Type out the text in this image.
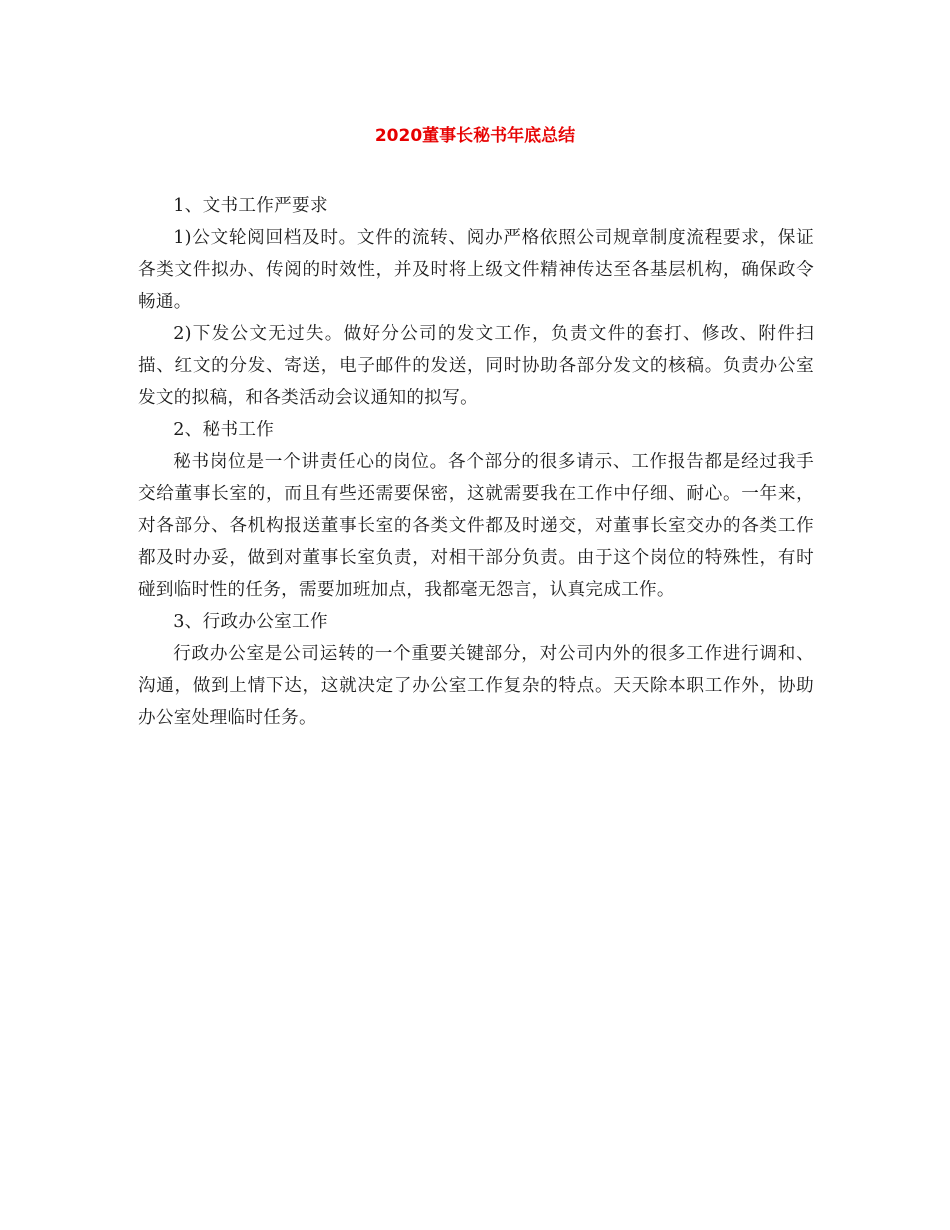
2020董事长秘书年底总结

1、文书工作严要求

1)公文轮阅回档及时。文件的流转、阅办严格依照公司规章制度流程要求，保证各类文件拟办、传阅的时效性，并及时将上级文件精神传达至各基层机构，确保政令畅通。

2)下发公文无过失。做好分公司的发文工作，负责文件的套打、修改、附件扫描、红文的分发、寄送，电子邮件的发送，同时协助各部分发文的核稿。负责办公室发文的拟稿，和各类活动会议通知的拟写。

2、秘书工作

秘书岗位是一个讲责任心的岗位。各个部分的很多请示、工作报告都是经过我手交给董事长室的，而且有些还需要保密，这就需要我在工作中仔细、耐心。一年来，对各部分、各机构报送董事长室的各类文件都及时递交，对董事长室交办的各类工作都及时办妥，做到对董事长室负责，对相干部分负责。由于这个岗位的特殊性，有时碰到临时性的任务，需要加班加点，我都毫无怨言，认真完成工作。

3、行政办公室工作

行政办公室是公司运转的一个重要关键部分，对公司内外的很多工作进行调和、沟通，做到上情下达，这就决定了办公室工作复杂的特点。天天除本职工作外，协助办公室处理临时任务。
